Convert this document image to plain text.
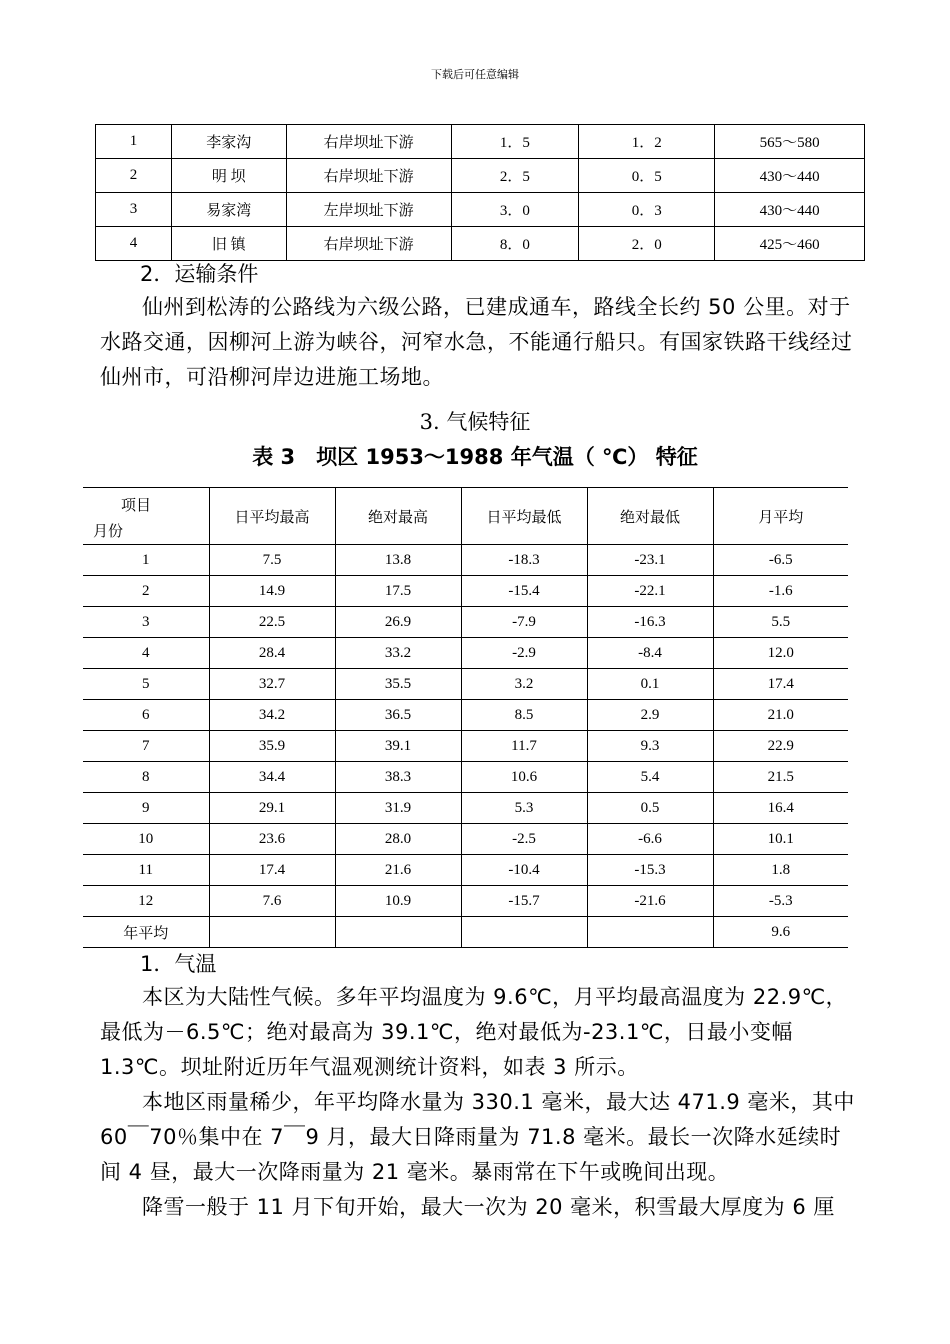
下载后可任意编辑
1	李家沟	右岸坝址下游	1．5	1．2	565～580
2	明 坝	右岸坝址下游	2．5	0．5	430～440
3	易家湾	左岸坝址下游	3．0	0．3	430～440
4	旧 镇	右岸坝址下游	8．0	2．0	425～460
2．运输条件
仙州到松涛的公路线为六级公路，已建成通车，路线全长约 50 公里。对于水路交通，因柳河上游为峡谷，河窄水急，不能通行船只。有国家铁路干线经过仙州市，可沿柳河岸边进施工场地。
3. 气候特征
表 3　坝区 1953～1988 年气温（ ℃） 特征
项目
月份	日平均最高	绝对最高	日平均最低	绝对最低	月平均
1	7.5	13.8	-18.3	-23.1	-6.5
2	14.9	17.5	-15.4	-22.1	-1.6
3	22.5	26.9	-7.9	-16.3	5.5
4	28.4	33.2	-2.9	-8.4	12.0
5	32.7	35.5	3.2	0.1	17.4
6	34.2	36.5	8.5	2.9	21.0
7	35.9	39.1	11.7	9.3	22.9
8	34.4	38.3	10.6	5.4	21.5
9	29.1	31.9	5.3	0.5	16.4
10	23.6	28.0	-2.5	-6.6	10.1
11	17.4	21.6	-10.4	-15.3	1.8
12	7.6	10.9	-15.7	-21.6	-5.3
年平均					9.6
1．气温
本区为大陆性气候。多年平均温度为 9.6℃，月平均最高温度为 22.9℃，最低为－6.5℃；绝对最高为 39.1℃，绝对最低为-23.1℃，日最小变幅 1.3℃。坝址附近历年气温观测统计资料，如表 3 所示。
本地区雨量稀少，年平均降水量为 330.1 毫米，最大达 471.9 毫米，其中 60￣70％集中在 7￣9 月，最大日降雨量为 71.8 毫米。最长一次降水延续时间 4 昼，最大一次降雨量为 21 毫米。暴雨常在下午或晚间出现。
降雪一般于 11 月下旬开始，最大一次为 20 毫米，积雪最大厚度为 6 厘
